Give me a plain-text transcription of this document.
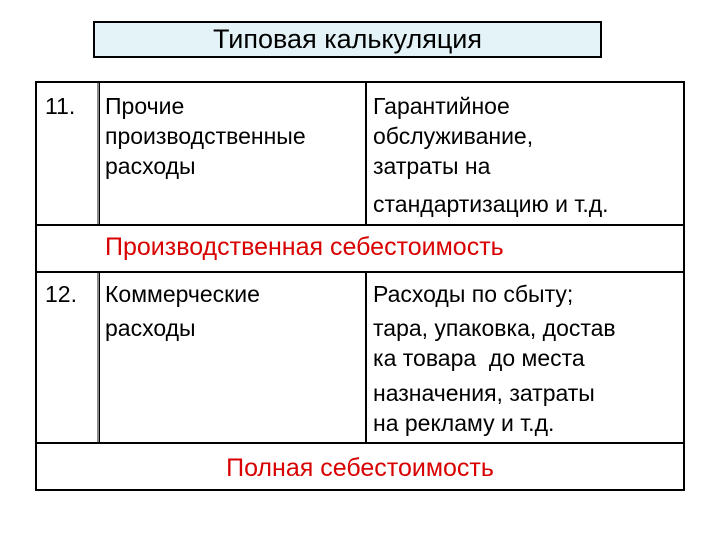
Типовая калькуляция
11. Прочие
производственные
расходы
Гарантийное
обслуживание,
затраты на
стандартизацию и т.д.
Производственная себестоимость
12. Коммерческие
расходы
Расходы по сбыту;
тара, упаковка, достав
ка товара  до места
назначения, затраты
на рекламу и т.д.
Полная себестоимость
